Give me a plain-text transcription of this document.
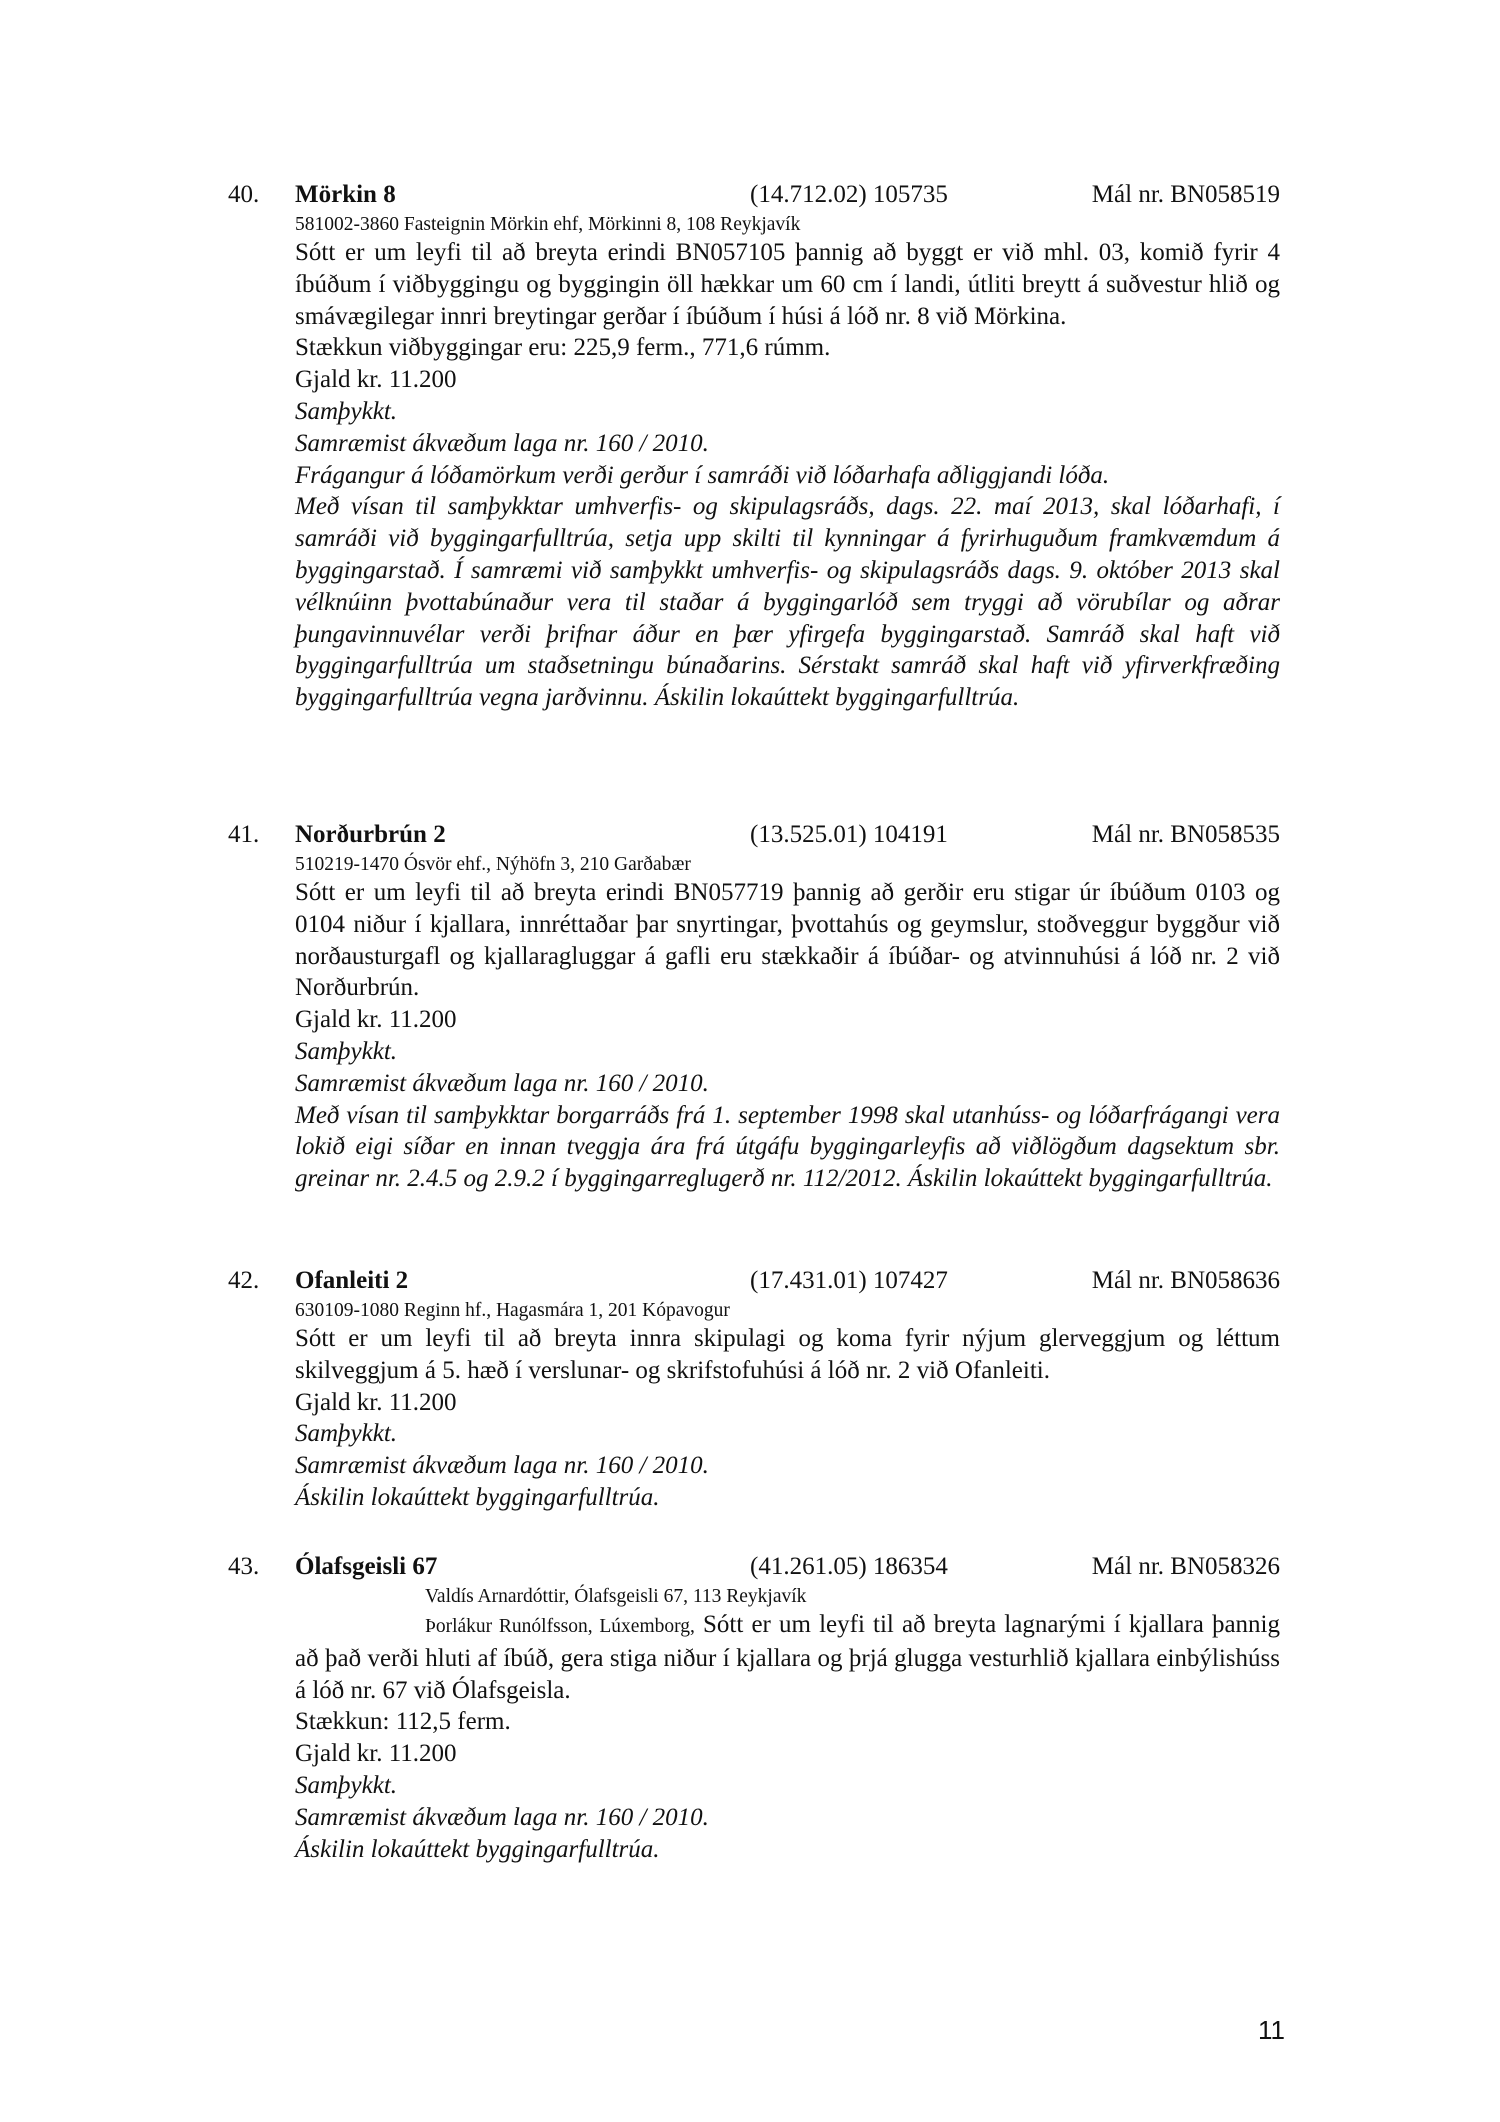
40. Mörkin 8	(14.712.02) 105735	Mál nr. BN058519
581002-3860 Fasteignin Mörkin ehf, Mörkinni 8, 108 Reykjavík

Sótt er um leyfi til að breyta erindi BN057105 þannig að byggt er við mhl. 03, komið fyrir 4 íbúðum í viðbyggingu og byggingin öll hækkar um 60 cm í landi, útliti breytt á suðvestur hlið og smávægilegar innri breytingar gerðar í íbúðum í húsi á lóð nr. 8 við Mörkina.

Stækkun viðbyggingar eru: 225,9 ferm., 771,6 rúmm.

Gjald kr. 11.200

Samþykkt.

Samræmist ákvæðum laga nr. 160 / 2010.

Frágangur á lóðamörkum verði gerður í samráði við lóðarhafa aðliggjandi lóða.

Með vísan til samþykktar umhverfis- og skipulagsráðs, dags. 22. maí 2013, skal lóðarhafi, í samráði við byggingarfulltrúa, setja upp skilti til kynningar á fyrirhuguðum framkvæmdum á byggingarstað. Í samræmi við samþykkt umhverfis- og skipulagsráðs dags. 9. október 2013 skal vélknúinn þvottabúnaður vera til staðar á byggingarlóð sem tryggi að vörubílar og aðrar þungavinnuvélar verði þrifnar áður en þær yfirgefa byggingarstað. Samráð skal haft við byggingarfulltrúa um staðsetningu búnaðarins. Sérstakt samráð skal haft við yfirverkfræðing byggingarfulltrúa vegna jarðvinnu. Áskilin lokaúttekt byggingarfulltrúa.

41. Norðurbrún 2	(13.525.01) 104191	Mál nr. BN058535
510219-1470 Ósvör ehf., Nýhöfn 3, 210 Garðabær

Sótt er um leyfi til að breyta erindi BN057719 þannig að gerðir eru stigar úr íbúðum 0103 og 0104 niður í kjallara, innréttaðar þar snyrtingar, þvottahús og geymslur, stoðveggur byggður við norðausturgafl og kjallaragluggar á gafli eru stækkaðir á íbúðar- og atvinnuhúsi á lóð nr. 2 við Norðurbrún.

Gjald kr. 11.200

Samþykkt.

Samræmist ákvæðum laga nr. 160 / 2010.

Með vísan til samþykktar borgarráðs frá 1. september 1998 skal utanhúss- og lóðarfrágangi vera lokið eigi síðar en innan tveggja ára frá útgáfu byggingarleyfis að viðlögðum dagsektum sbr. greinar nr. 2.4.5 og 2.9.2 í byggingarreglugerð nr. 112/2012. Áskilin lokaúttekt byggingarfulltrúa.

42. Ofanleiti 2	(17.431.01) 107427	Mál nr. BN058636
630109-1080 Reginn hf., Hagasmára 1, 201 Kópavogur

Sótt er um leyfi til að breyta innra skipulagi og koma fyrir nýjum glerveggjum og léttum skilveggjum á 5. hæð í verslunar- og skrifstofuhúsi á lóð nr. 2 við Ofanleiti.

Gjald kr. 11.200

Samþykkt.

Samræmist ákvæðum laga nr. 160 / 2010.

Áskilin lokaúttekt byggingarfulltrúa.

43. Ólafsgeisli 67	(41.261.05) 186354	Mál nr. BN058326
Valdís Arnardóttir, Ólafsgeisli 67, 113 Reykjavík

Þorlákur Runólfsson, Lúxemborg, Sótt er um leyfi til að breyta lagnarými í kjallara þannig að það verði hluti af íbúð, gera stiga niður í kjallara og þrjá glugga vesturhlið kjallara einbýlishúss á lóð nr. 67 við Ólafsgeisla.

Stækkun: 112,5 ferm.

Gjald kr. 11.200

Samþykkt.

Samræmist ákvæðum laga nr. 160 / 2010.

Áskilin lokaúttekt byggingarfulltrúa.

11
